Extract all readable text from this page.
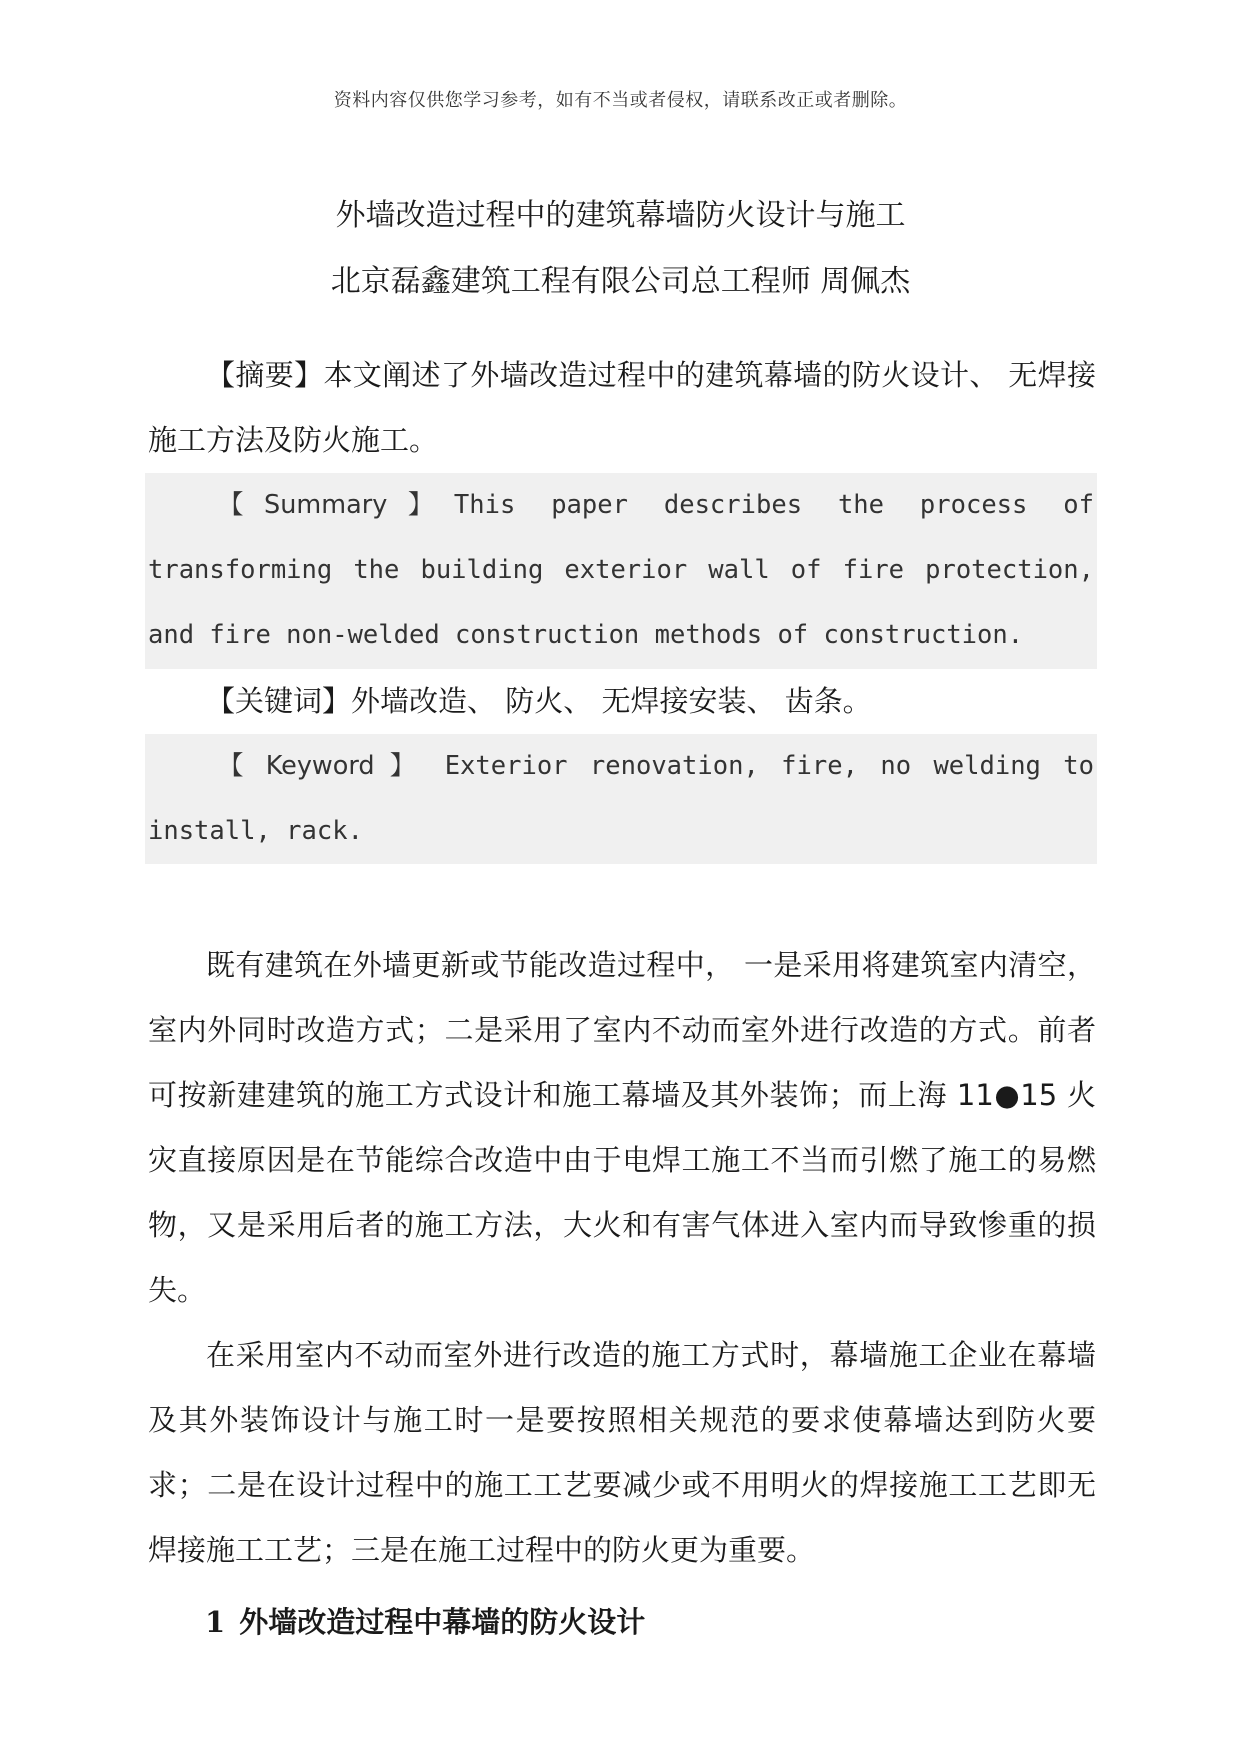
资料内容仅供您学习参考，如有不当或者侵权，请联系改正或者删除。
外墙改造过程中的建筑幕墙防火设计与施工
北京磊鑫建筑工程有限公司总工程师 周佩杰

【摘要】本文阐述了外墙改造过程中的建筑幕墙的防火设计、 无焊接施工方法及防火施工。

【Summary】This paper describes the process of transforming the building exterior wall of fire protection, and fire non-welded construction methods of construction.

【关键词】外墙改造、 防火、 无焊接安装、 齿条。

【 Keyword 】 Exterior renovation, fire, no welding to install, rack.

既有建筑在外墙更新或节能改造过程中， 一是采用将建筑室内清空， 室内外同时改造方式；二是采用了室内不动而室外进行改造的方式。前者可按新建建筑的施工方式设计和施工幕墙及其外装饰；而上海 11●15 火灾直接原因是在节能综合改造中由于电焊工施工不当而引燃了施工的易燃物，又是采用后者的施工方法，大火和有害气体进入室内而导致惨重的损失。

在采用室内不动而室外进行改造的施工方式时，幕墙施工企业在幕墙及其外装饰设计与施工时一是要按照相关规范的要求使幕墙达到防火要求；二是在设计过程中的施工工艺要减少或不用明火的焊接施工工艺即无焊接施工工艺；三是在施工过程中的防火更为重要。

1 外墙改造过程中幕墙的防火设计
